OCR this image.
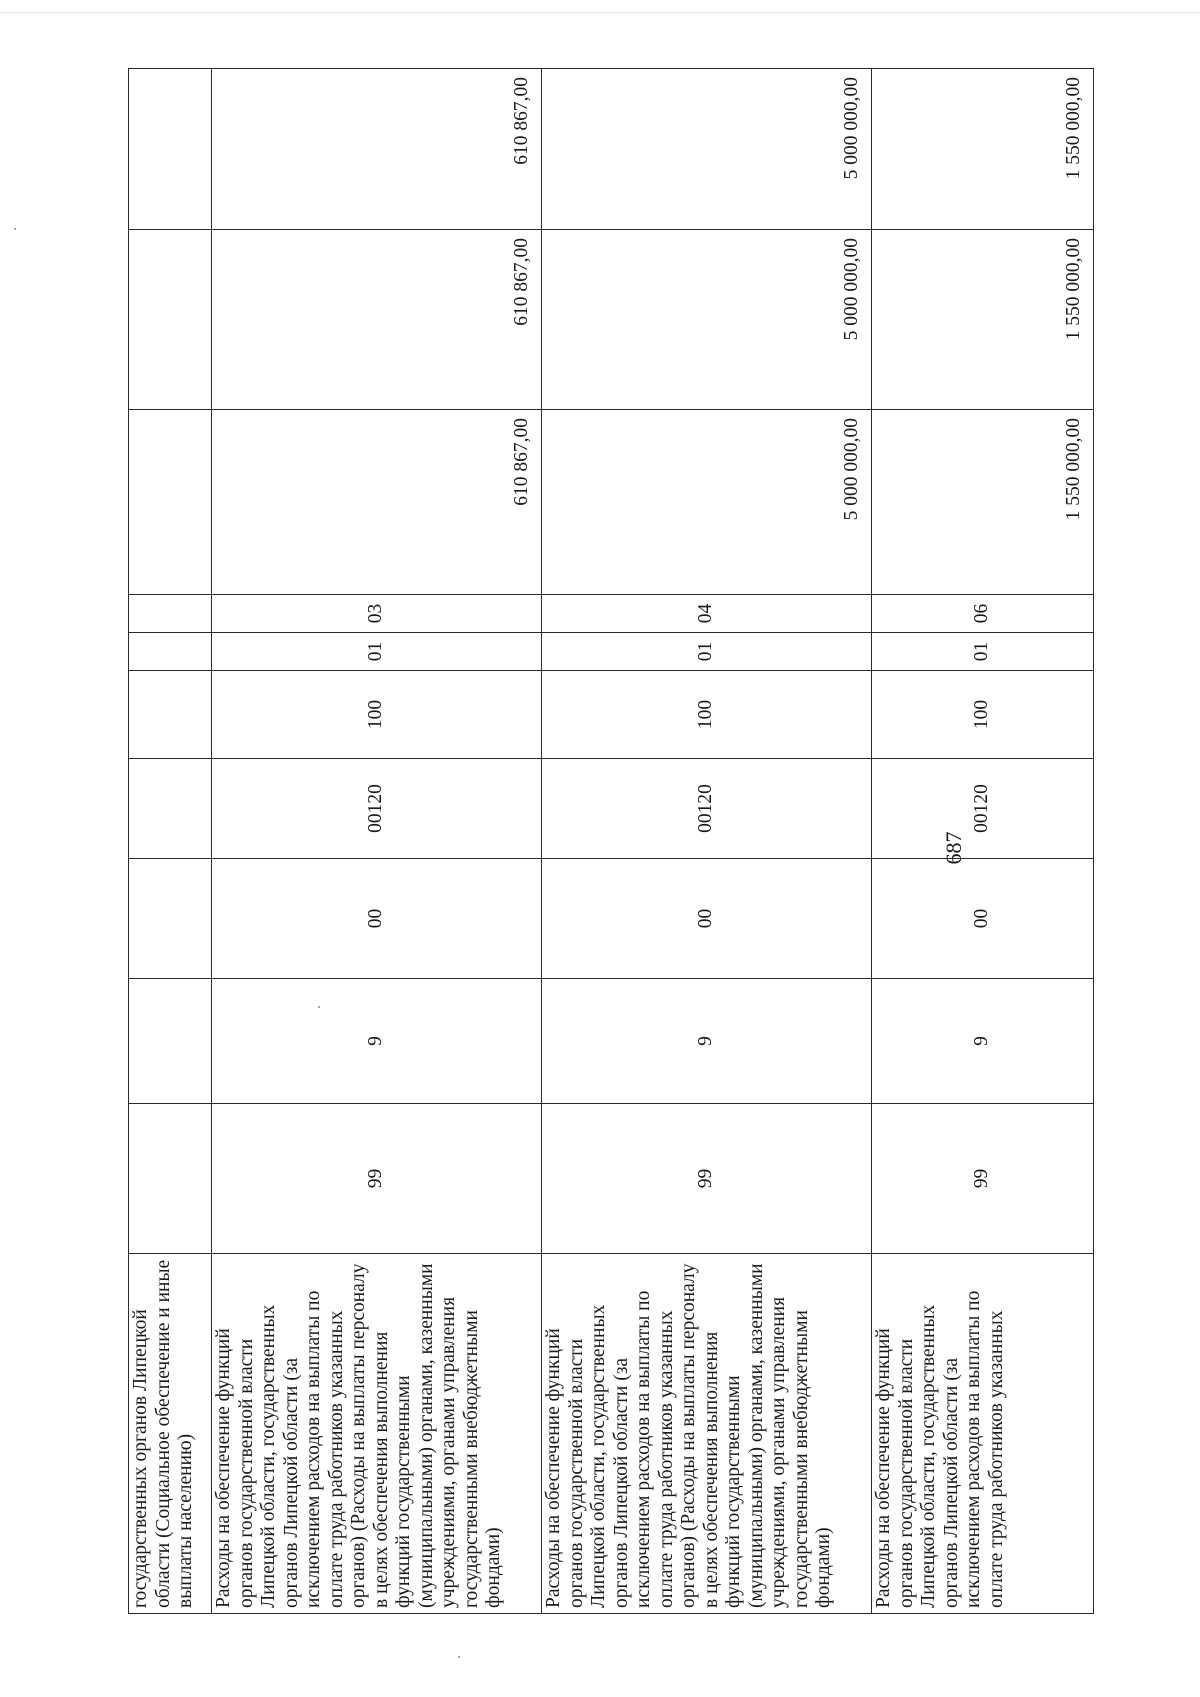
687
государственных органов Липецкой области (Социальное обеспечение и иные выплаты населению)										
Расходы на обеспечение функций органов государственной власти Липецкой области, государственных органов Липецкой области (за исключением расходов на выплаты по оплате труда работников указанных органов) (Расходы на выплаты персоналу в целях обеспечения выполнения функций государственными (муниципальными) органами, казенными учреждениями, органами управления государственными внебюджетными фондами)	99	9	00	00120	100	01	03	610 867,00	610 867,00	610 867,00
Расходы на обеспечение функций органов государственной власти Липецкой области, государственных органов Липецкой области (за исключением расходов на выплаты по оплате труда работников указанных органов) (Расходы на выплаты персоналу в целях обеспечения выполнения функций государственными (муниципальными) органами, казенными учреждениями, органами управления государственными внебюджетными фондами)	99	9	00	00120	100	01	04	5 000 000,00	5 000 000,00	5 000 000,00
Расходы на обеспечение функций органов государственной власти Липецкой области, государственных органов Липецкой области (за исключением расходов на выплаты по оплате труда работников указанных	99	9	00	00120	100	01	06	1 550 000,00	1 550 000,00	1 550 000,00
